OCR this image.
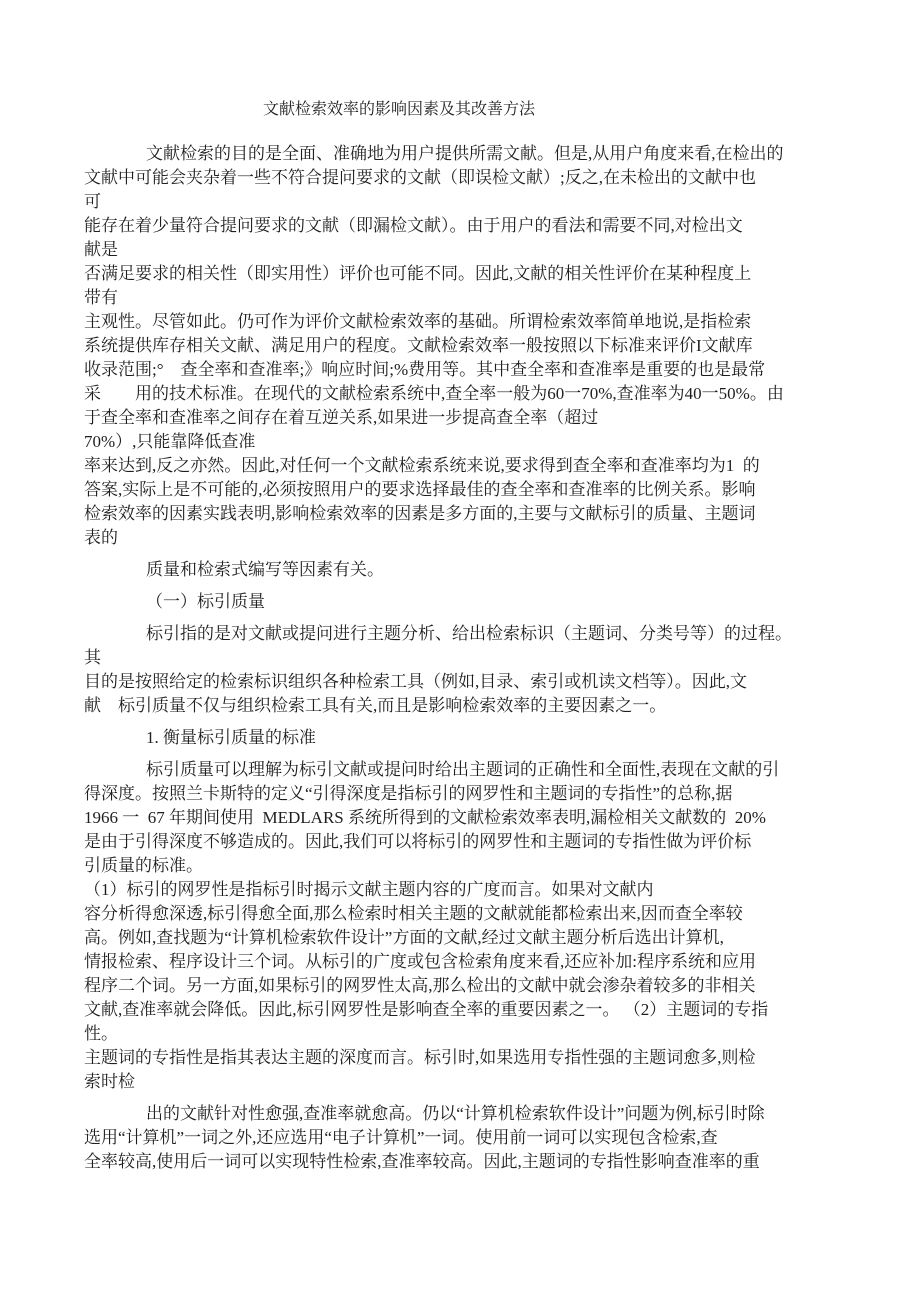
文献检索效率的影响因素及其改善方法
文献检索的目的是全面、准确地为用户提供所需文献。但是,从用户角度来看,在检出的
文献中可能会夹杂着一些不符合提问要求的文献（即误检文献）;反之,在未检出的文献中也
可
能存在着少量符合提问要求的文献（即漏检文献）。由于用户的看法和需要不同,对检出文
献是
否满足要求的相关性（即实用性）评价也可能不同。因此,文献的相关性评价在某种程度上
带有
主观性。尽管如此。仍可作为评价文献检索效率的基础。所谓检索效率简单地说,是指检索
系统提供库存相关文献、满足用户的程度。文献检索效率一般按照以下标准来评价I文献库
收录范围;°　查全率和查准率;》响应时间;%费用等。其中查全率和查准率是重要的也是最常
采　　用的技术标准。在现代的文献检索系统中,查全率一般为60一70%,查准率为40一50%。由
于查全率和查准率之间存在着互逆关系,如果进一步提高查全率（超过
70%）,只能靠降低查准
率来达到,反之亦然。因此,对任何一个文献检索系统来说,要求得到查全率和查准率均为1  的
答案,实际上是不可能的,必须按照用户的要求选择最佳的查全率和查准率的比例关系。影响
检索效率的因素实践表明,影响检索效率的因素是多方面的,主要与文献标引的质量、主题词
表的
质量和检索式编写等因素有关。
（一）标引质量
标引指的是对文献或提问进行主题分析、给出检索标识（主题词、分类号等）的过程。
其
目的是按照给定的检索标识组织各种检索工具（例如,目录、索引或机读文档等）。因此,文
献　标引质量不仅与组织检索工具有关,而且是影响检索效率的主要因素之一。
1. 衡量标引质量的标准
标引质量可以理解为标引文献或提问时给出主题词的正确性和全面性,表现在文献的引
得深度。按照兰卡斯特的定义“引得深度是指标引的网罗性和主题词的专指性”的总称,据
1966 一  67 年期间使用  MEDLARS 系统所得到的文献检索效率表明,漏检相关文献数的  20%
是由于引得深度不够造成的。因此,我们可以将标引的网罗性和主题词的专指性做为评价标
引质量的标准。
（1）标引的网罗性是指标引时揭示文献主题内容的广度而言。如果对文献内
容分析得愈深透,标引得愈全面,那么检索时相关主题的文献就能都检索出来,因而查全率较
高。例如,查找题为“计算机检索软件设计”方面的文献,经过文献主题分析后选出计算机,
情报检索、程序设计三个词。从标引的广度或包含检索角度来看,还应补加:程序系统和应用
程序二个词。另一方面,如果标引的网罗性太高,那么检出的文献中就会渗杂着较多的非相关
文献,查准率就会降低。因此,标引网罗性是影响查全率的重要因素之一。 （2）主题词的专指
性。
主题词的专指性是指其表达主题的深度而言。标引时,如果选用专指性强的主题词愈多,则检
索时检
出的文献针对性愈强,查准率就愈高。仍以“计算机检索软件设计”问题为例,标引时除
选用“计算机”一词之外,还应选用“电子计算机”一词。使用前一词可以实现包含检索,查
全率较高,使用后一词可以实现特性检索,查准率较高。因此,主题词的专指性影响查准率的重
